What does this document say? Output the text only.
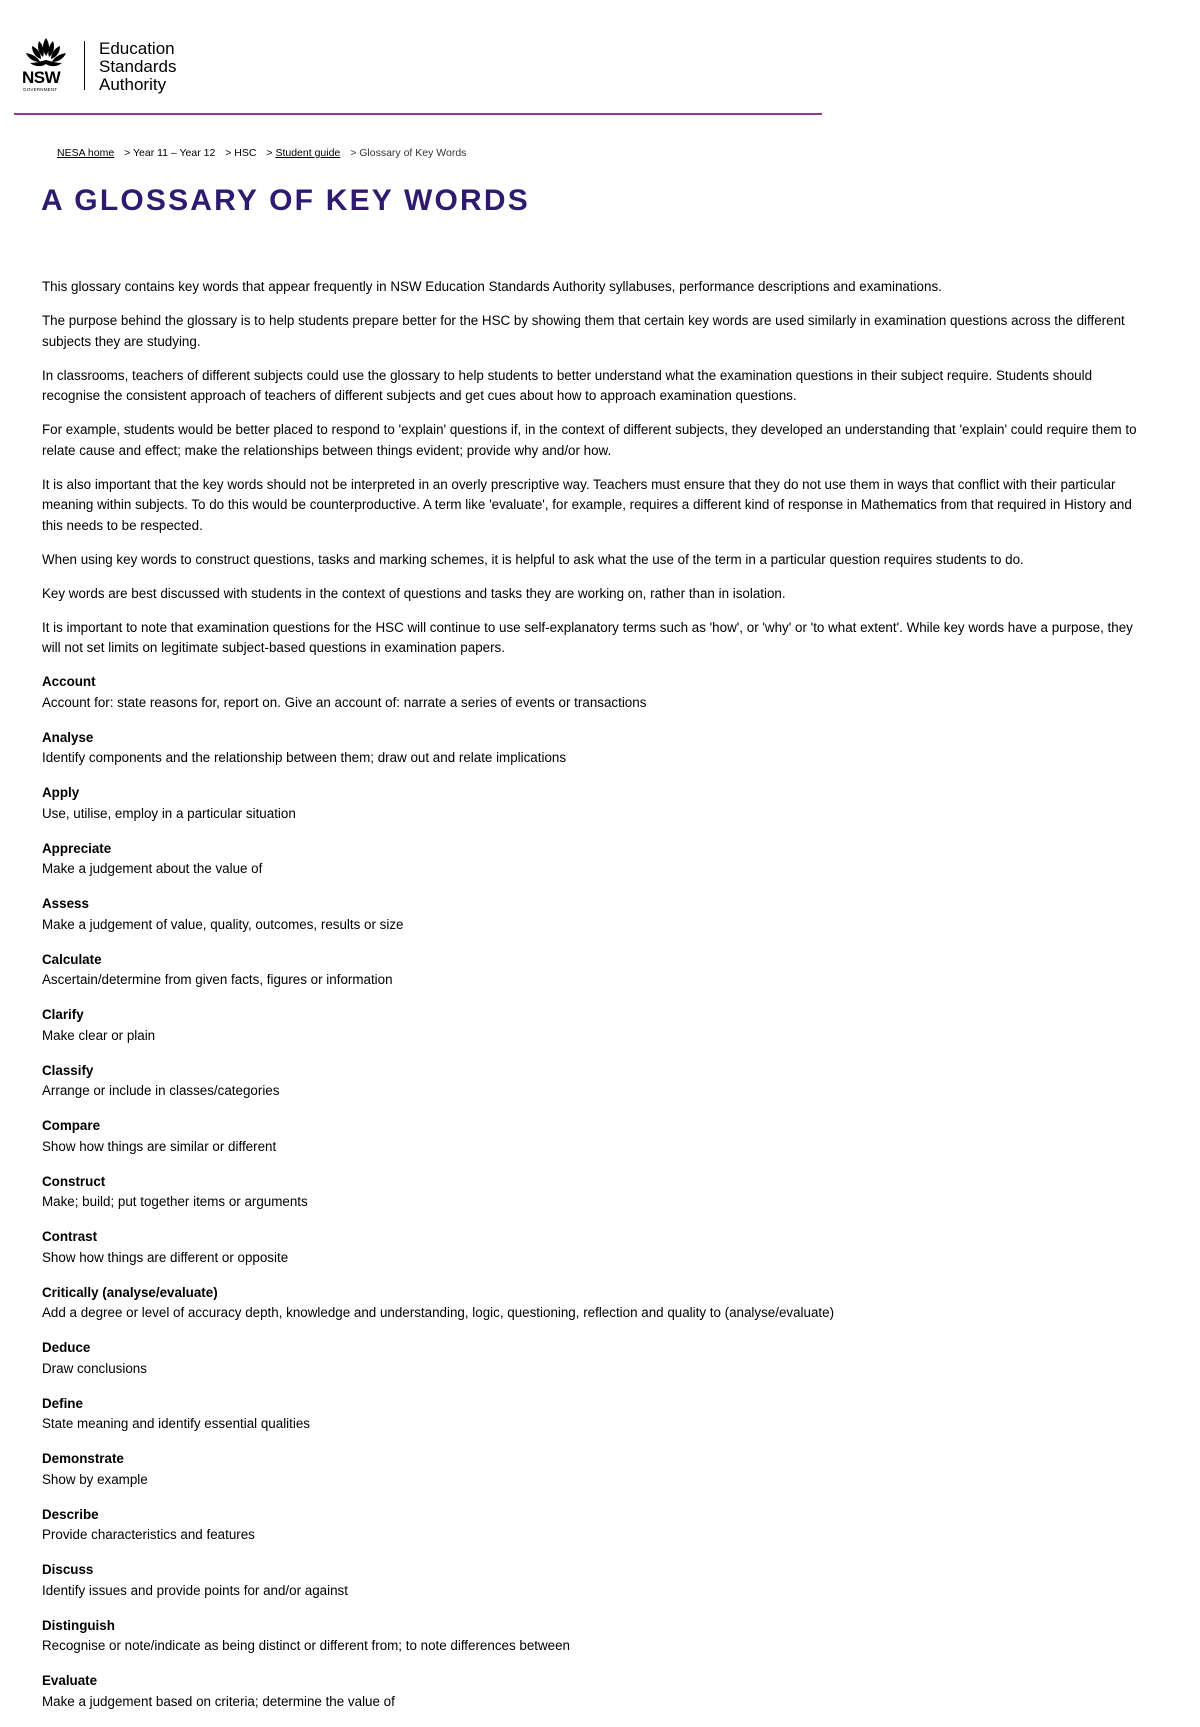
NSW
GOVERNMENT
Education
Standards
Authority
NESA home > Year 11 – Year 12 > HSC > Student guide > Glossary of Key Words
A GLOSSARY OF KEY WORDS

This glossary contains key words that appear frequently in NSW Education Standards Authority syllabuses, performance descriptions and examinations.

The purpose behind the glossary is to help students prepare better for the HSC by showing them that certain key words are used similarly in examination questions across the different subjects they are studying.

In classrooms, teachers of different subjects could use the glossary to help students to better understand what the examination questions in their subject require. Students should recognise the consistent approach of teachers of different subjects and get cues about how to approach examination questions.

For example, students would be better placed to respond to 'explain' questions if, in the context of different subjects, they developed an understanding that 'explain' could require them to relate cause and effect; make the relationships between things evident; provide why and/or how.

It is also important that the key words should not be interpreted in an overly prescriptive way. Teachers must ensure that they do not use them in ways that conflict with their particular meaning within subjects. To do this would be counterproductive. A term like 'evaluate', for example, requires a different kind of response in Mathematics from that required in History and this needs to be respected.

When using key words to construct questions, tasks and marking schemes, it is helpful to ask what the use of the term in a particular question requires students to do.

Key words are best discussed with students in the context of questions and tasks they are working on, rather than in isolation.

It is important to note that examination questions for the HSC will continue to use self-explanatory terms such as 'how', or 'why' or 'to what extent'. While key words have a purpose, they will not set limits on legitimate subject-based questions in examination papers.

Account
Account for: state reasons for, report on. Give an account of: narrate a series of events or transactions
Analyse
Identify components and the relationship between them; draw out and relate implications
Apply
Use, utilise, employ in a particular situation
Appreciate
Make a judgement about the value of
Assess
Make a judgement of value, quality, outcomes, results or size
Calculate
Ascertain/determine from given facts, figures or information
Clarify
Make clear or plain
Classify
Arrange or include in classes/categories
Compare
Show how things are similar or different
Construct
Make; build; put together items or arguments
Contrast
Show how things are different or opposite
Critically (analyse/evaluate)
Add a degree or level of accuracy depth, knowledge and understanding, logic, questioning, reflection and quality to (analyse/evaluate)
Deduce
Draw conclusions
Define
State meaning and identify essential qualities
Demonstrate
Show by example
Describe
Provide characteristics and features
Discuss
Identify issues and provide points for and/or against
Distinguish
Recognise or note/indicate as being distinct or different from; to note differences between
Evaluate
Make a judgement based on criteria; determine the value of
